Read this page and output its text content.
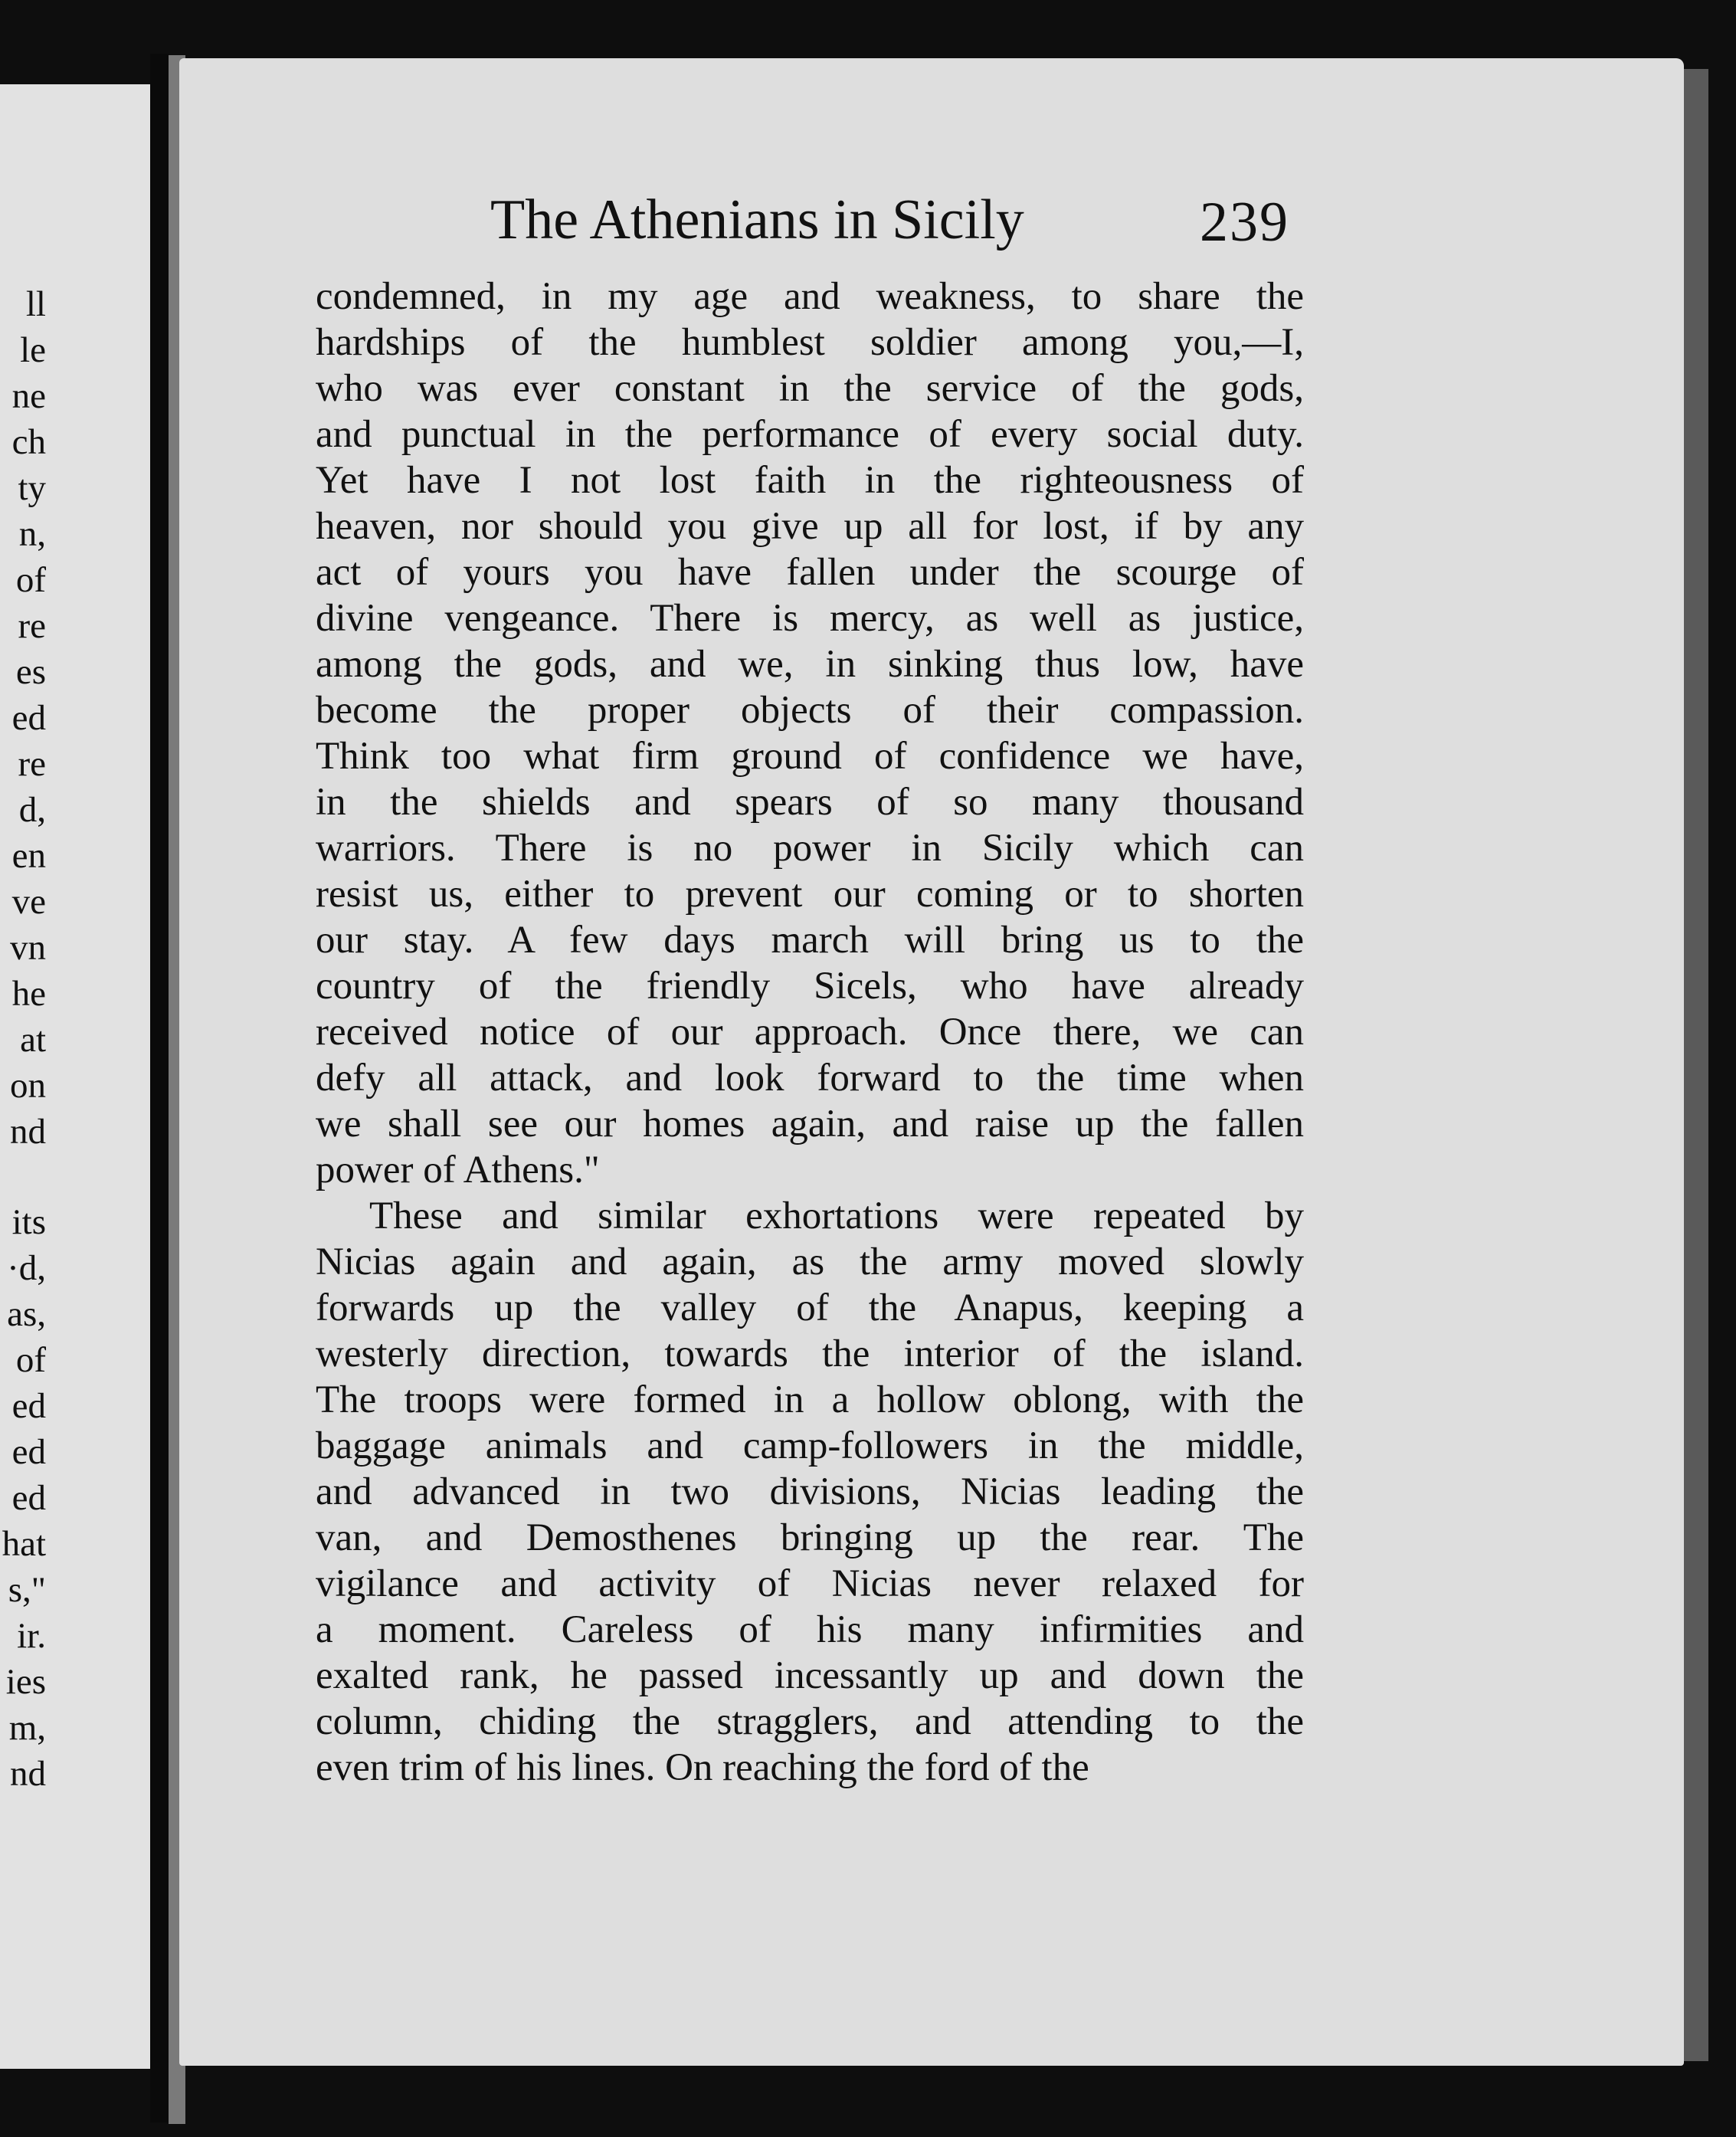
ll
le
ne
ch
ty
n,
of
re
es
ed
re
d,
en
ve
vn
he
at
on
nd
its
·d,
as,
of
ed
ed
ed
hat
s,"
ir.
ies
m,
nd
The Athenians in Sicily	239
condemned, in my age and weakness, to share the
hardships of the humblest soldier among you,—I,
who was ever constant in the service of the gods,
and punctual in the performance of every social duty.
Yet have I not lost faith in the righteousness of
heaven, nor should you give up all for lost, if by any
act of yours you have fallen under the scourge of
divine vengeance. There is mercy, as well as justice,
among the gods, and we, in sinking thus low, have
become the proper objects of their compassion.
Think too what firm ground of confidence we have,
in the shields and spears of so many thousand
warriors. There is no power in Sicily which can
resist us, either to prevent our coming or to shorten
our stay. A few days march will bring us to the
country of the friendly Sicels, who have already
received notice of our approach. Once there, we can
defy all attack, and look forward to the time when
we shall see our homes again, and raise up the fallen
power of Athens."
These and similar exhortations were repeated by
Nicias again and again, as the army moved slowly
forwards up the valley of the Anapus, keeping a
westerly direction, towards the interior of the island.
The troops were formed in a hollow oblong, with the
baggage animals and camp-followers in the middle,
and advanced in two divisions, Nicias leading the
van, and Demosthenes bringing up the rear. The
vigilance and activity of Nicias never relaxed for
a moment. Careless of his many infirmities and
exalted rank, he passed incessantly up and down the
column, chiding the stragglers, and attending to the
even trim of his lines. On reaching the ford of the
